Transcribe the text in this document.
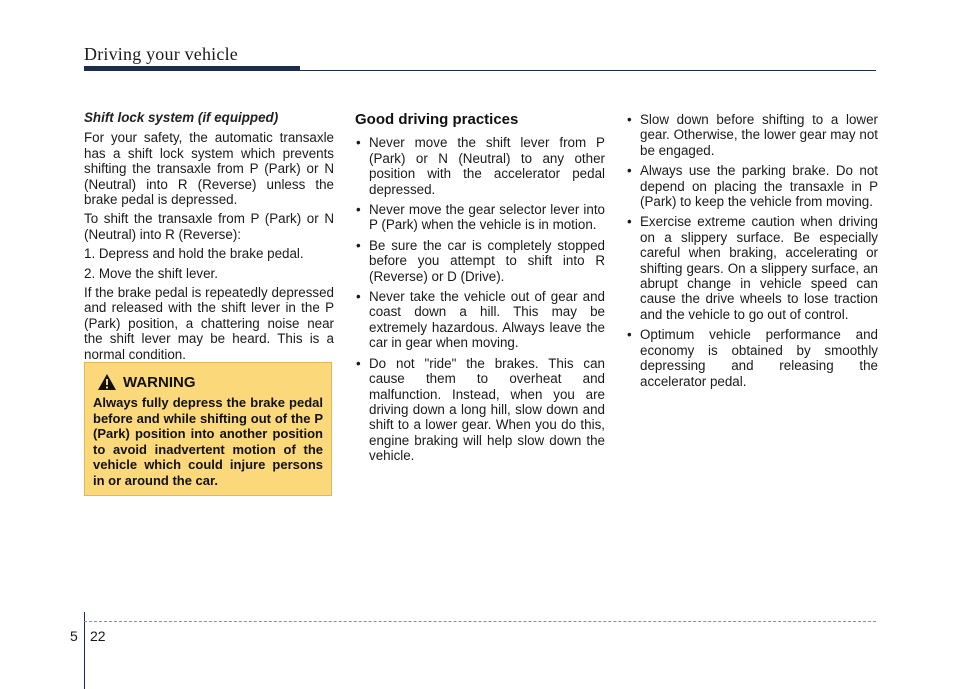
Driving your vehicle
Shift lock system (if equipped)

For your safety, the automatic transaxle has a shift lock system which prevents shifting the transaxle from P (Park) or N (Neutral) into R (Reverse) unless the brake pedal is depressed.

To shift the transaxle from P (Park) or N (Neutral) into R (Reverse):

1. Depress and hold the brake pedal.

2. Move the shift lever.

If the brake pedal is repeatedly depressed and released with the shift lever in the P (Park) position, a chattering noise near the shift lever may be heard. This is a normal condition.

WARNING
Always fully depress the brake pedal before and while shifting out of the P (Park) position into another position to avoid inadvertent motion of the vehicle which could injure persons in or around the car.
Good driving practices
• Never move the shift lever from P (Park) or N (Neutral) to any other position with the accelerator pedal depressed.
• Never move the gear selector lever into P (Park) when the vehicle is in motion.
• Be sure the car is completely stopped before you attempt to shift into R (Reverse) or D (Drive).
• Never take the vehicle out of gear and coast down a hill. This may be extremely hazardous. Always leave the car in gear when moving.
• Do not "ride" the brakes. This can cause them to overheat and malfunction. Instead, when you are driving down a long hill, slow down and shift to a lower gear. When you do this, engine braking will help slow down the vehicle.
• Slow down before shifting to a lower gear. Otherwise, the lower gear may not be engaged.
• Always use the parking brake. Do not depend on placing the transaxle in P (Park) to keep the vehicle from moving.
• Exercise extreme caution when driving on a slippery surface. Be especially careful when braking, accelerating or shifting gears. On a slippery surface, an abrupt change in vehicle speed can cause the drive wheels to lose traction and the vehicle to go out of control.
• Optimum vehicle performance and economy is obtained by smoothly depressing and releasing the accelerator pedal.
5 22
